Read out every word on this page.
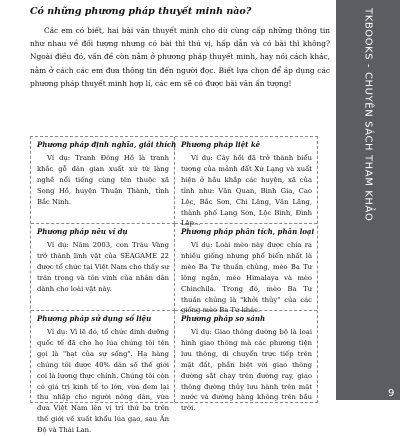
Có những phương pháp thuyết minh nào?

Các em có biết, hai bài văn thuyết minh cho dù cùng cấp những thông tin như nhau về đối tượng nhưng có bài thì thú vị, hấp dẫn và có bài thì không? Ngoài điều đó, vấn đề còn nằm ở phương pháp thuyết minh, hay nói cách khác, nằm ở cách các em đưa thông tin đến người đọc. Biết lựa chọn để áp dụng các phương pháp thuyết minh hợp lí, các em sẽ có được bài văn ấn tượng!

Phương pháp định nghĩa, giải thích

Ví dụ: Tranh Đông Hồ là tranh khắc gỗ dân gian xuất xứ từ làng nghề nổi tiếng cùng tên thuộc xã Song Hồ, huyện Thuận Thành, tỉnh Bắc Ninh.

Phương pháp liệt kê

Ví dụ: Cây hồi đã trở thành biểu tượng của mảnh đất Xứ Lạng và xuất hiện ở hầu khắp các huyện, xã của tỉnh như: Văn Quan, Bình Gia, Cao Lộc, Bắc Sơn, Chi Lăng, Văn Lãng, thành phố Lạng Sơn, Lộc Bình, Đình Lập...

Phương pháp nêu ví dụ

Ví dụ: Năm 2003, con Trâu Vàng trở thành linh vật của SEAGAME 22 được tổ chức tại Việt Nam cho thấy sự trân trọng và tôn vinh của nhân dân dành cho loài vật này.

Phương pháp phân tích, phân loại

Ví dụ: Loài mèo này được chia ra nhiều giống nhưng phổ biến nhất là mèo Ba Tư thuần chủng, mèo Ba Tư lông ngắn, mèo Himalaya và mèo Chinchila. Trong đó, mèo Ba Tư thuần chủng là "khởi thủy" của các giống mèo Ba Tư khác.

Phương pháp sử dụng số liệu

Ví dụ: Vì lẽ đó, tổ chức dinh dưỡng quốc tế đã cho họ lúa chúng tôi tên gọi là "hạt của sự sống". Hạ hàng chúng tôi được 40% dân số thế giới coi là lương thực chính. Chúng tôi còn có giá trị kinh tế to lớn, vừa đem lại thu nhập cho người nông dân, vừa đưa Việt Nam lên vị trí thứ ba trên thế giới về xuất khẩu lúa gạo, sau Ấn Độ và Thái Lan.

Phương pháp so sánh

Ví dụ: Giao thông đường bộ là loại hình giao thông mà các phương tiện lưu thông, di chuyển trực tiếp trên mặt đất, phần biệt với giao thông đường sắt chạy trên đường ray, giao thông đường thủy lưu hành trên mặt nước và đường hàng không trên bầu trời.

TKBOOKS - CHUYÊN SÁCH THAM KHẢO
9
